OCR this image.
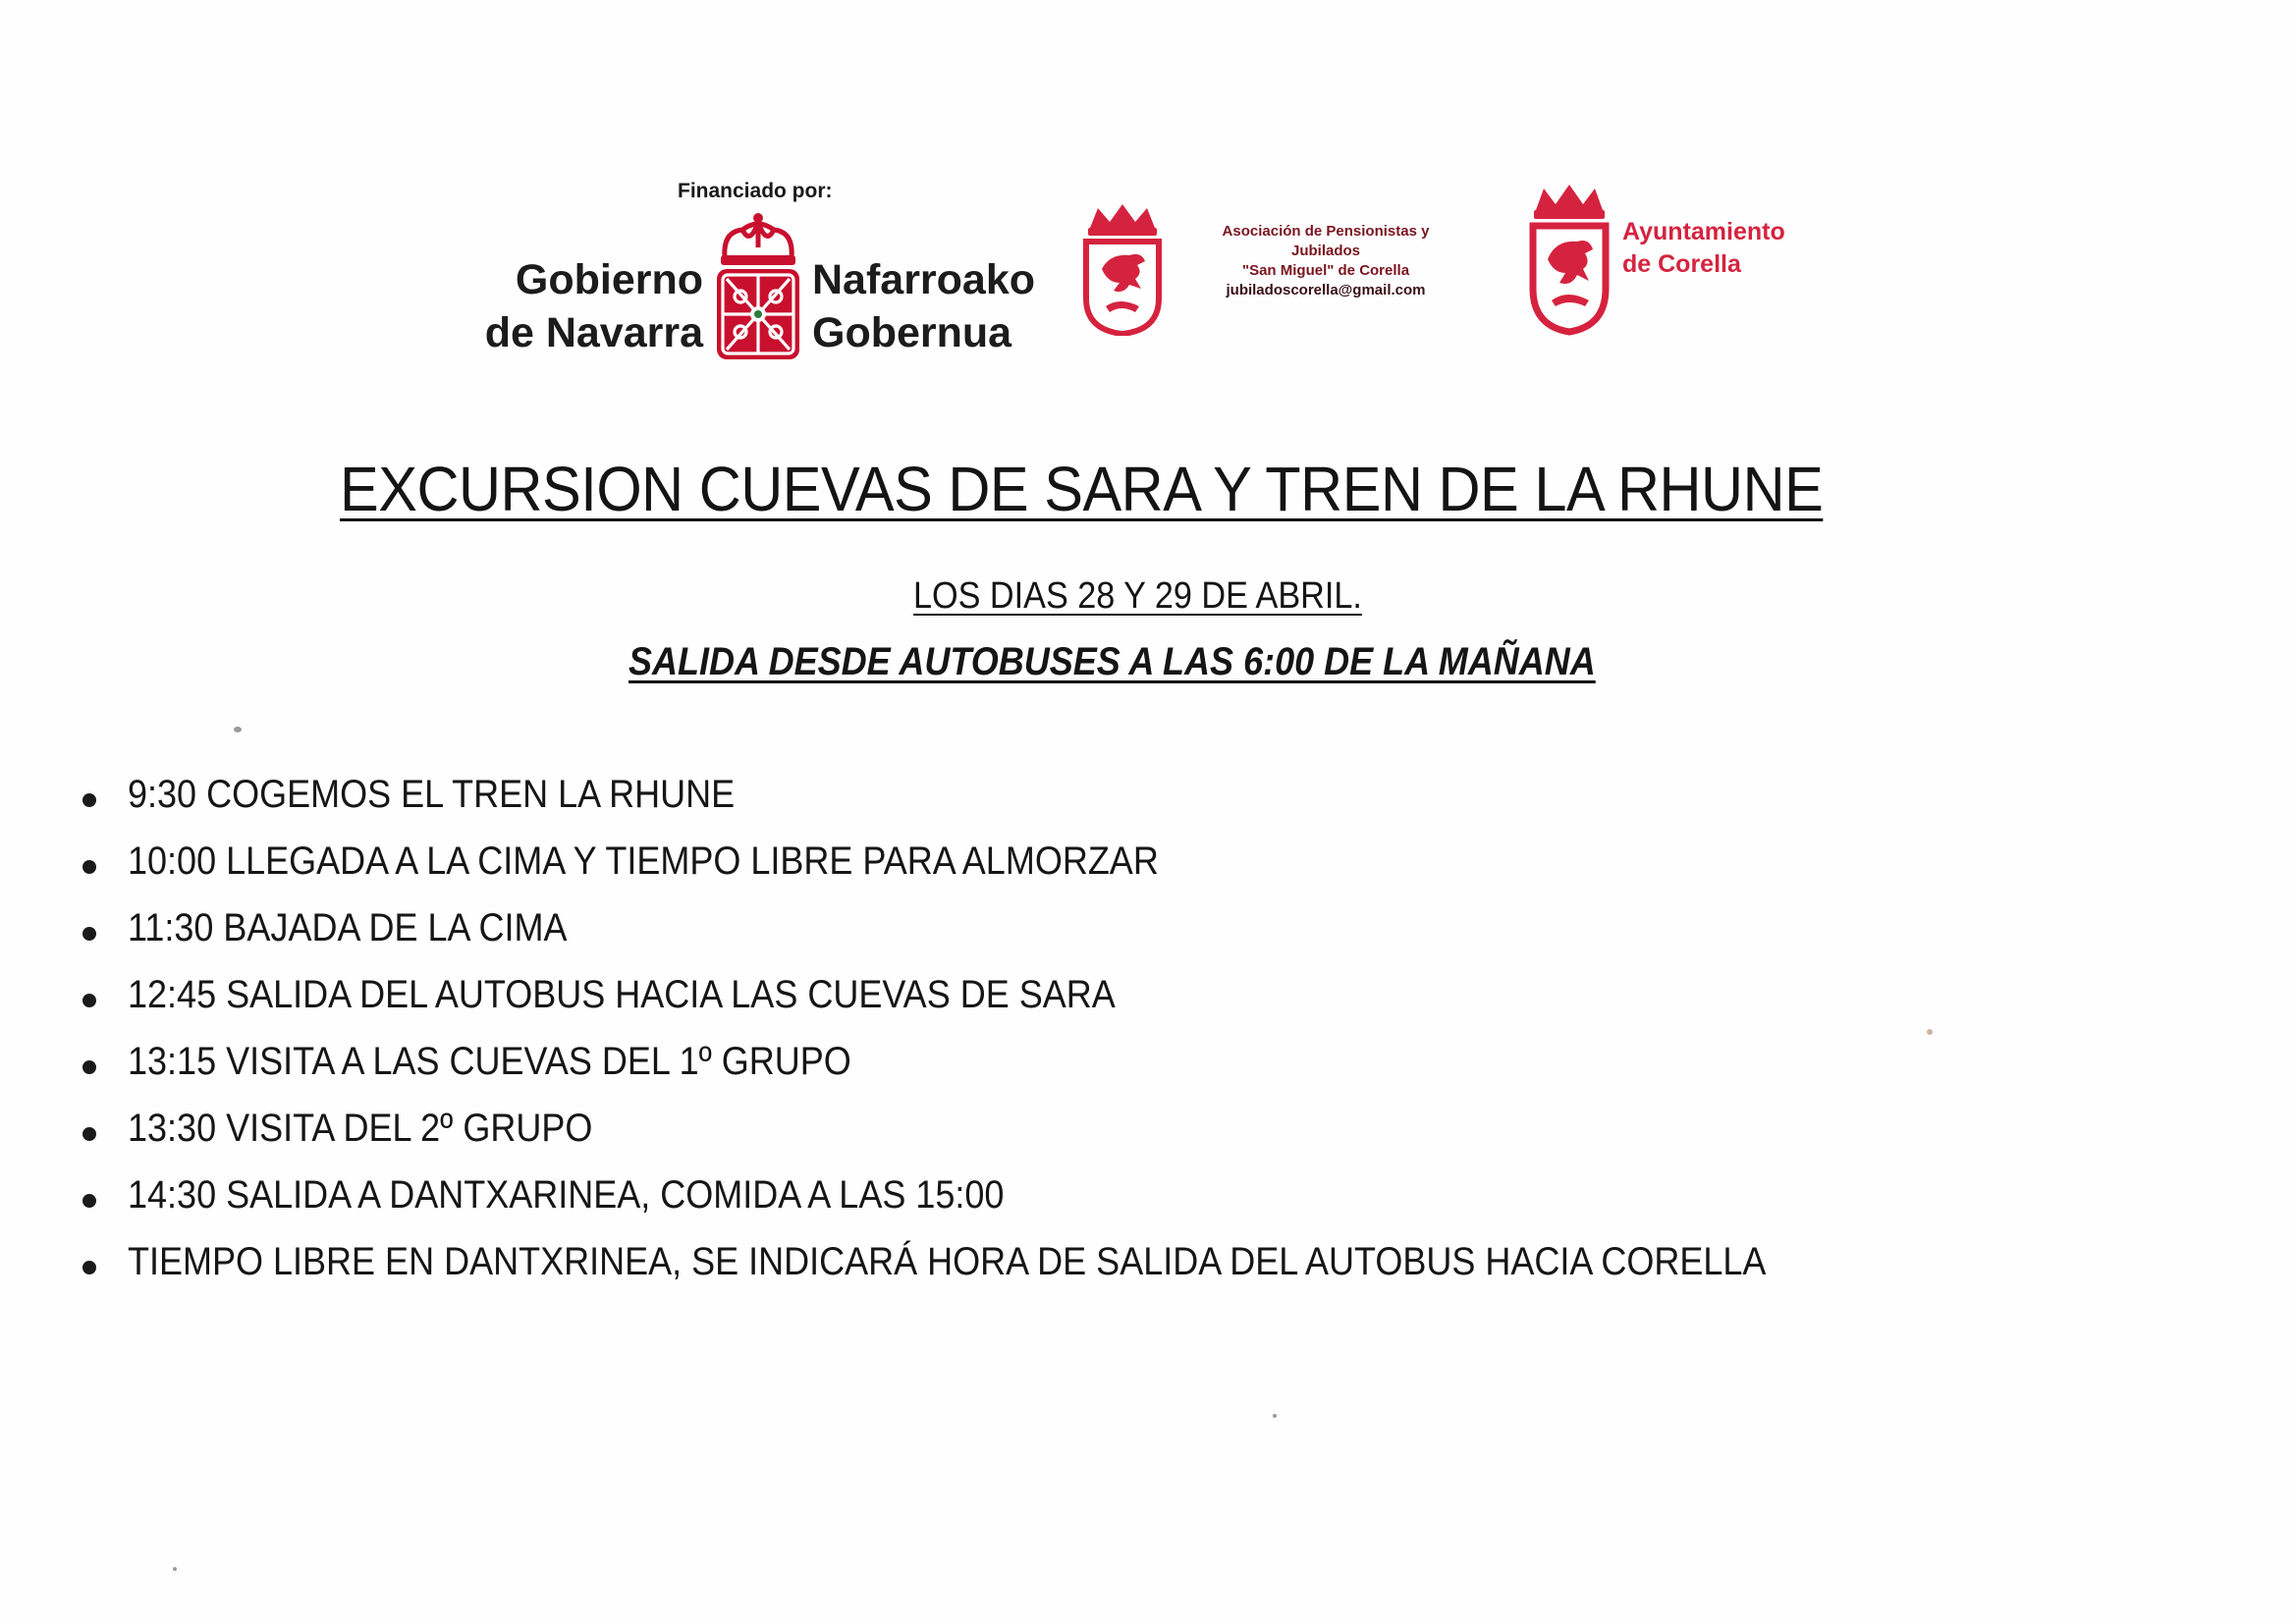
Financiado por:
Gobierno
de Navarra
Nafarroako
Gobernua
Asociación de Pensionistas y
Jubilados
"San Miguel" de Corella
jubiladoscorella@gmail.com
Ayuntamiento
de Corella
EXCURSION CUEVAS DE SARA Y TREN DE LA RHUNE
LOS DIAS 28 Y 29 DE ABRIL.
SALIDA DESDE AUTOBUSES A LAS 6:00 DE LA MAÑANA
9:30 COGEMOS EL TREN LA RHUNE
10:00 LLEGADA A LA CIMA Y TIEMPO LIBRE PARA ALMORZAR
11:30 BAJADA DE LA CIMA
12:45 SALIDA DEL AUTOBUS HACIA LAS CUEVAS DE SARA
13:15 VISITA A LAS CUEVAS DEL 1º GRUPO
13:30 VISITA DEL 2º GRUPO
14:30 SALIDA A DANTXARINEA, COMIDA A LAS 15:00
TIEMPO LIBRE EN DANTXRINEA, SE INDICARÁ HORA DE SALIDA DEL AUTOBUS HACIA CORELLA
